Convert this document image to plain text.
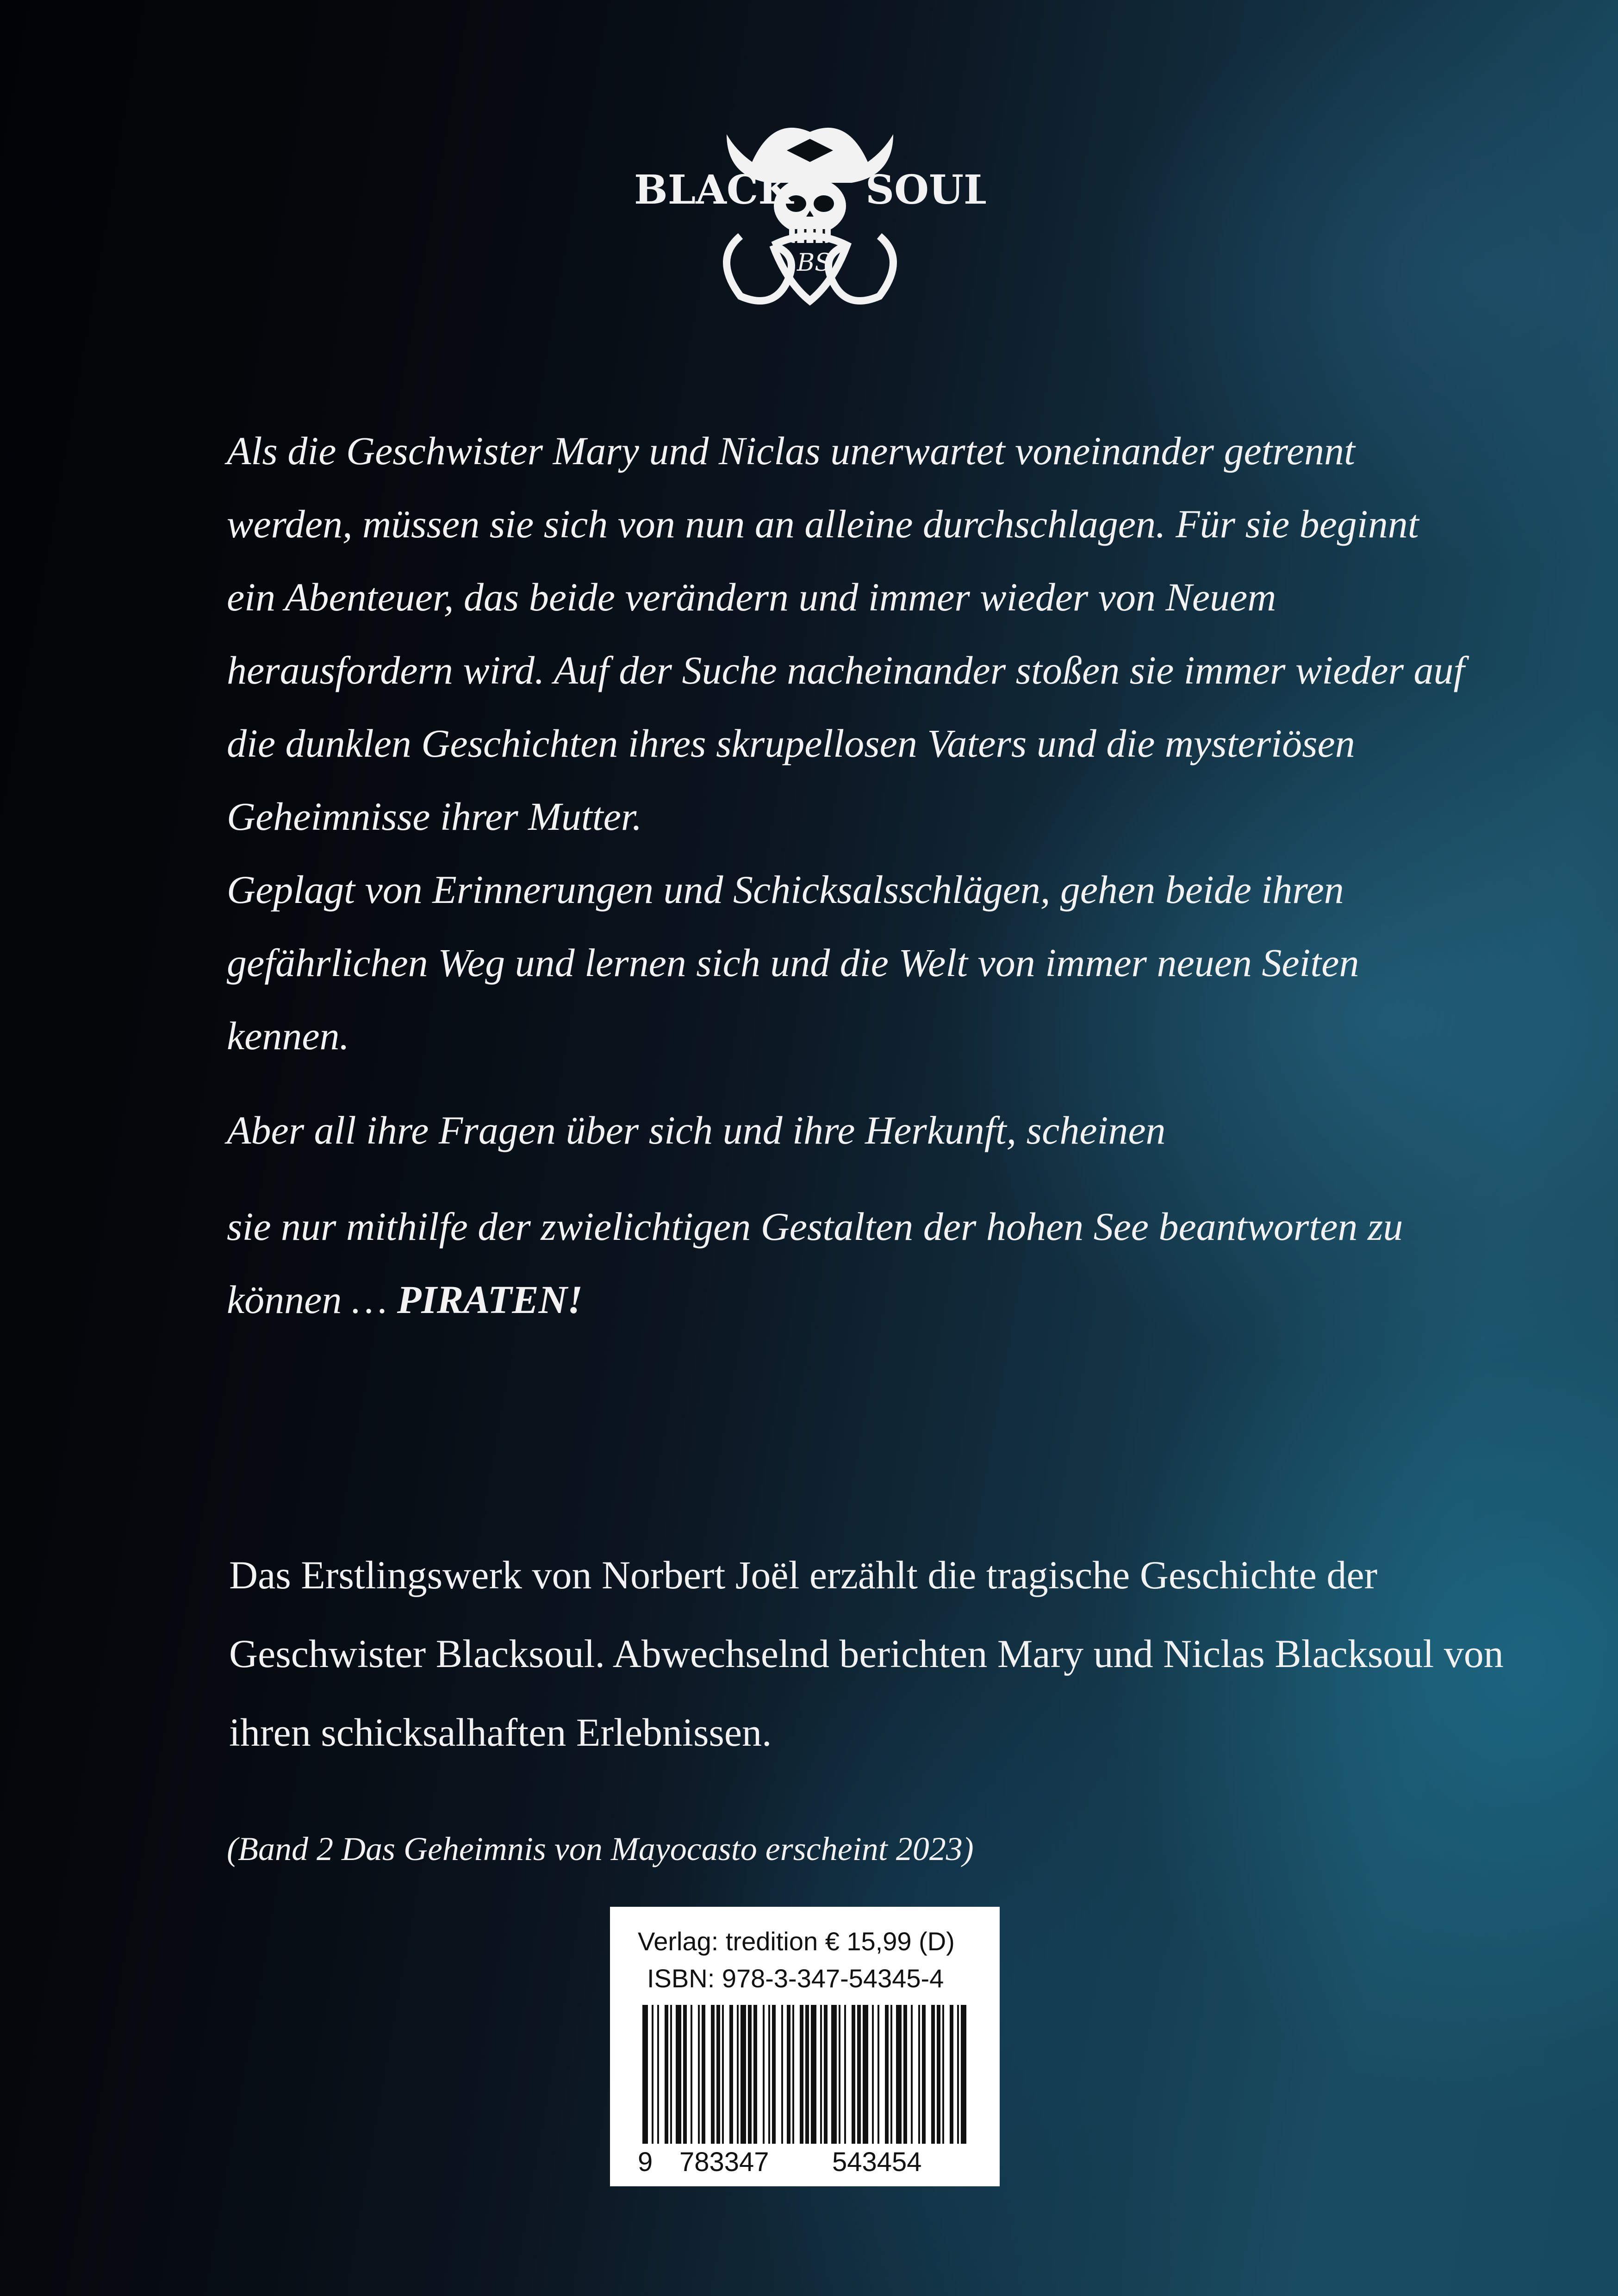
BLACK SOUL
BS

Als die Geschwister Mary und Niclas unerwartet voneinander getrennt werden, müssen sie sich von nun an alleine durchschlagen. Für sie beginnt ein Abenteuer, das beide verändern und immer wieder von Neuem herausfordern wird. Auf der Suche nacheinander stoßen sie immer wieder auf die dunklen Geschichten ihres skrupellosen Vaters und die mysteriösen Geheimnisse ihrer Mutter.

Geplagt von Erinnerungen und Schicksalsschlägen, gehen beide ihren gefährlichen Weg und lernen sich und die Welt von immer neuen Seiten kennen.

Aber all ihre Fragen über sich und ihre Herkunft, scheinen

sie nur mithilfe der zwielichtigen Gestalten der hohen See beantworten zu können … PIRATEN!

Das Erstlingswerk von Norbert Joël erzählt die tragische Geschichte der Geschwister Blacksoul. Abwechselnd berichten Mary und Niclas Blacksoul von ihren schicksalhaften Erlebnissen.

(Band 2 Das Geheimnis von Mayocasto erscheint 2023)
Verlag: tredition € 15,99 (D)
ISBN: 978-3-347-54345-4
9 783347 543454
